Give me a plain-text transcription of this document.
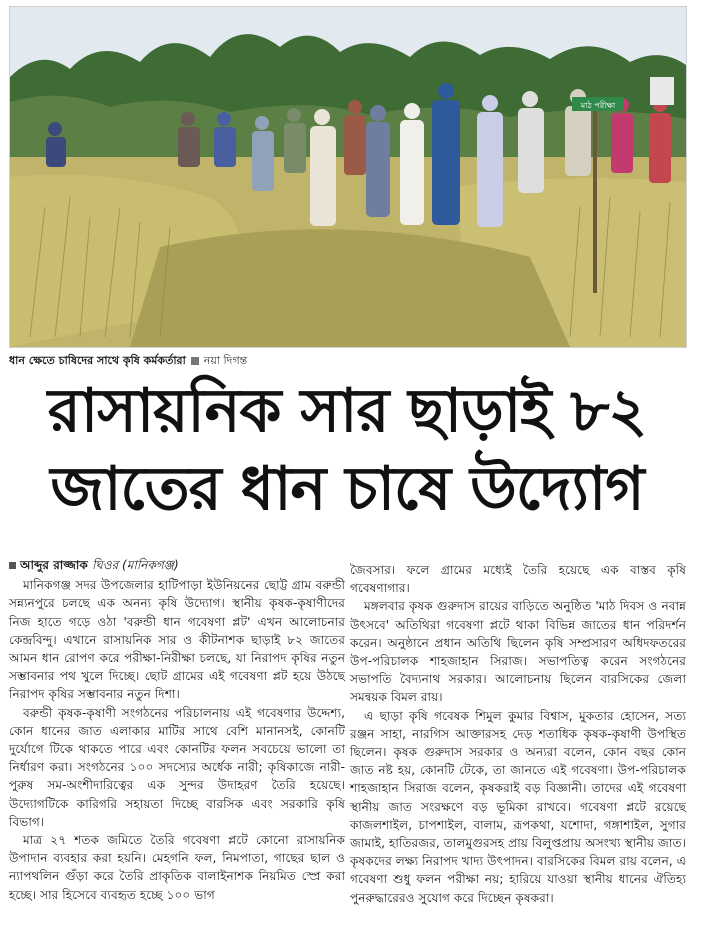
মাঠ পরীক্ষা
ধান ক্ষেতে চাষিদের সাথে কৃষি কর্মকর্তারা নয়া দিগন্ত
রাসায়নিক সার ছাড়াই ৮২
জাতের ধান চাষে উদ্যোগ
আব্দুর রাজ্জাক ঘিওর (মানিকগঞ্জ)

মানিকগঞ্জ সদর উপজেলার হাটিপাড়া ইউনিয়নের ছোট্ট গ্রাম বরুন্ডী সন্ন্যনপুরে চলছে এক অনন্য কৃষি উদ্যোগ। স্থানীয় কৃষক-কৃষাণীদের নিজ হাতে গড়ে ওঠা 'বরুন্ডী ধান গবেষণা প্লট' এখন আলোচনার কেন্দ্রবিন্দু। এখানে রাসায়নিক সার ও কীটনাশক ছাড়াই ৮২ জাতের আমন ধান রোপণ করে পরীক্ষা-নিরীক্ষা চলছে, যা নিরাপদ কৃষির নতুন সম্ভাবনার পথ খুলে দিচ্ছে। ছোট গ্রামের এই গবেষণা প্লট হয়ে উঠছে নিরাপদ কৃষির সম্ভাবনার নতুন দিশা।

বরুন্ডী কৃষক-কৃষাণী সংগঠনের পরিচালনায় এই গবেষণার উদ্দেশ্য, কোন ধানের জাত এলাকার মাটির সাথে বেশি মানানসই, কোনটি দুর্যোগে টিকে থাকতে পারে এবং কোনটির ফলন সবচেয়ে ভালো তা নির্ধারণ করা। সংগঠনের ১০০ সদস্যের অর্ধেক নারী; কৃষিকাজে নারী-পুরুষ সম-অংশীদারিত্বের এক সুন্দর উদাহরণ তৈরি হয়েছে। উদ্যোগটিকে কারিগরি সহায়তা দিচ্ছে বারসিক এবং সরকারি কৃষি বিভাগ।

মাত্র ২৭ শতক জমিতে তৈরি গবেষণা প্লটে কোনো রাসায়নিক উপাদান ব্যবহার করা হয়নি। মেহগনি ফল, নিমপাতা, গাছের ছাল ও ন্যাপথলিন গুঁড়া করে তৈরি প্রাকৃতিক বালাইনাশক নিয়মিত স্প্রে করা হচ্ছে। সার হিসেবে ব্যবহৃত হচ্ছে ১০০ ভাগ

জৈবসার। ফলে গ্রামের মধ্যেই তৈরি হয়েছে এক বাস্তব কৃষি গবেষণাগার।

মঙ্গলবার কৃষক গুরুদাস রায়ের বাড়িতে অনুষ্ঠিত 'মাঠ দিবস ও নবান্ন উৎসবে' অতিথিরা গবেষণা প্লটে থাকা বিভিন্ন জাতের ধান পরিদর্শন করেন। অনুষ্ঠানে প্রধান অতিথি ছিলেন কৃষি সম্প্রসারণ অধিদফতরের উপ-পরিচালক শাহজাহান সিরাজ। সভাপতিত্ব করেন সংগঠনের সভাপতি বৈদ্যনাথ সরকার। আলোচনায় ছিলেন বারসিকের জেলা সমন্বয়ক বিমল রায়।

এ ছাড়া কৃষি গবেষক শিমুল কুমার বিশ্বাস, মুকতার হোসেন, সত্য রঞ্জন সাহা, নারগিস আক্তারসহ দেড় শতাধিক কৃষক-কৃষাণী উপস্থিত ছিলেন। কৃষক গুরুদাস সরকার ও অন্যরা বলেন, কোন বছর কোন জাত নষ্ট হয়, কোনটি টেকে, তা জানতে এই গবেষণা। উপ-পরিচালক শাহজাহান সিরাজ বলেন, কৃষকরাই বড় বিজ্ঞানী। তাদের এই গবেষণা স্থানীয় জাত সংরক্ষণে বড় ভূমিকা রাখবে। গবেষণা প্লটে রয়েছে কাজলশাইল, চাপশাইল, বালাম, রূপকথা, যশোদা, গঙ্গাশাইল, সুগার জামাই, হাতিরজর, তালমুগুরসহ প্রায় বিলুপ্তপ্রায় অসংখ্য স্থানীয় জাত। কৃষকদের লক্ষ্য নিরাপদ খাদ্য উৎপাদন। বারসিকের বিমল রায় বলেন, এ গবেষণা শুধু ফলন পরীক্ষা নয়; হারিয়ে যাওয়া স্থানীয় ধানের ঐতিহ্য পুনরুদ্ধারেরও সুযোগ করে দিচ্ছেন কৃষকরা।
